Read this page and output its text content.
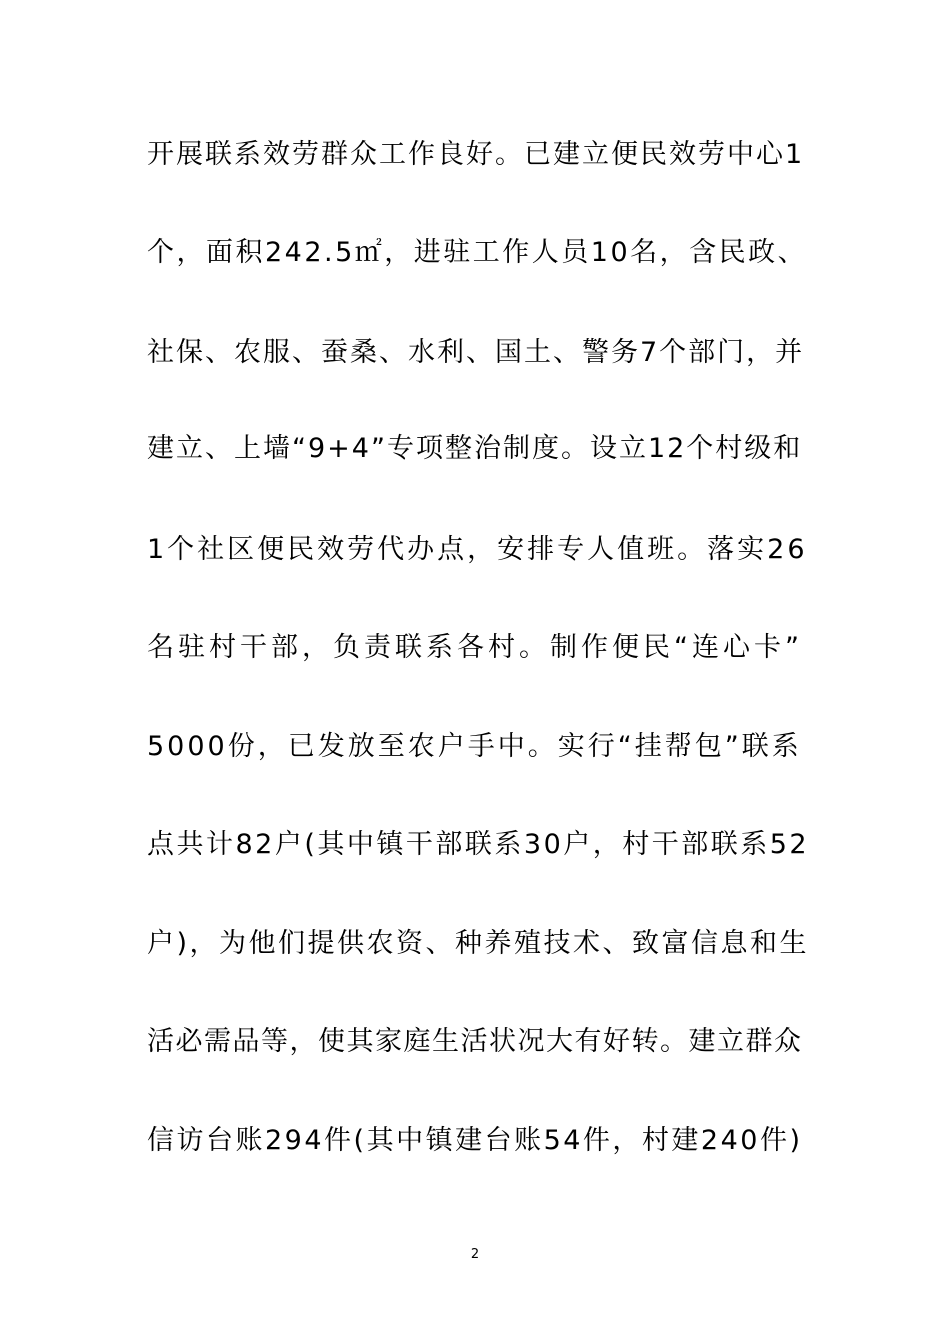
开展联系效劳群众工作良好。已建立便民效劳中心1
个，面积242.5㎡，进驻工作人员10名，含民政、
社保、农服、蚕桑、水利、国土、警务7个部门，并
建立、上墙“9+4”专项整治制度。设立12个村级和
1个社区便民效劳代办点，安排专人值班。落实26
名驻村干部，负责联系各村。制作便民“连心卡”
5000份，已发放至农户手中。实行“挂帮包”联系
点共计82户(其中镇干部联系30户，村干部联系52
户)，为他们提供农资、种养殖技术、致富信息和生
活必需品等，使其家庭生活状况大有好转。建立群众
信访台账294件(其中镇建台账54件，村建240件)
2
